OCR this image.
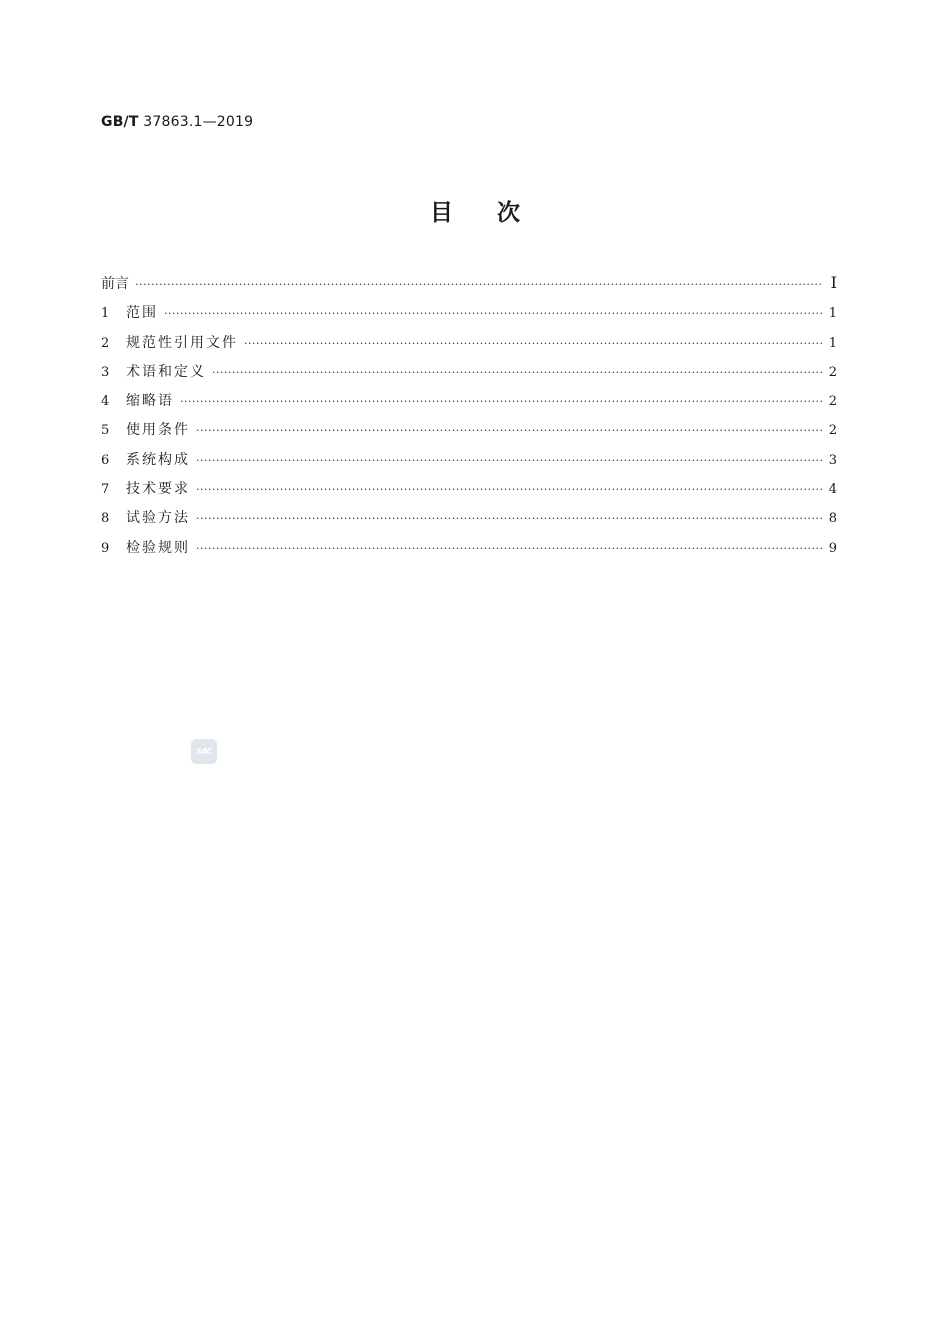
GB/T 37863.1—2019
目次
前言 ·····	Ⅰ
1	范围 ·····	1
2	规范性引用文件 ·····	1
3	术语和定义 ·····	2
4	缩略语 ·····	2
5	使用条件 ·····	2
6	系统构成 ·····	3
7	技术要求 ·····	4
8	试验方法 ·····	8
9	检验规则 ·····	9
SAC
